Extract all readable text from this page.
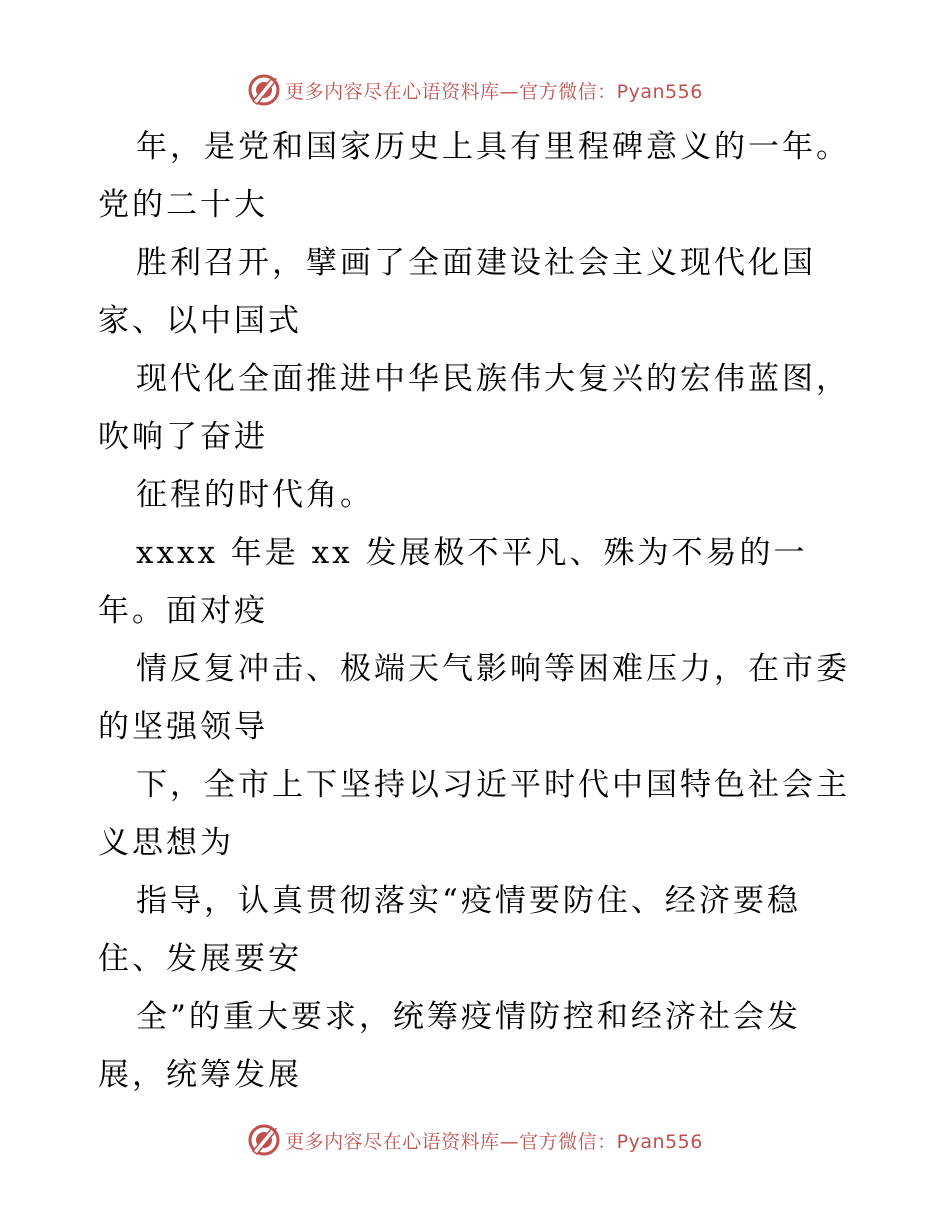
更多内容尽在心语资料库—官方微信：Pyan556
年，是党和国家历史上具有里程碑意义的一年。
党的二十大
胜利召开，擘画了全面建设社会主义现代化国
家、以中国式
现代化全面推进中华民族伟大复兴的宏伟蓝图，
吹响了奋进
征程的时代角。
xxxx 年是 xx 发展极不平凡、殊为不易的一
年。面对疫
情反复冲击、极端天气影响等困难压力，在市委
的坚强领导
下，全市上下坚持以习近平时代中国特色社会主
义思想为
指导，认真贯彻落实“疫情要防住、经济要稳
住、发展要安
全”的重大要求，统筹疫情防控和经济社会发
展，统筹发展
更多内容尽在心语资料库—官方微信：Pyan556
